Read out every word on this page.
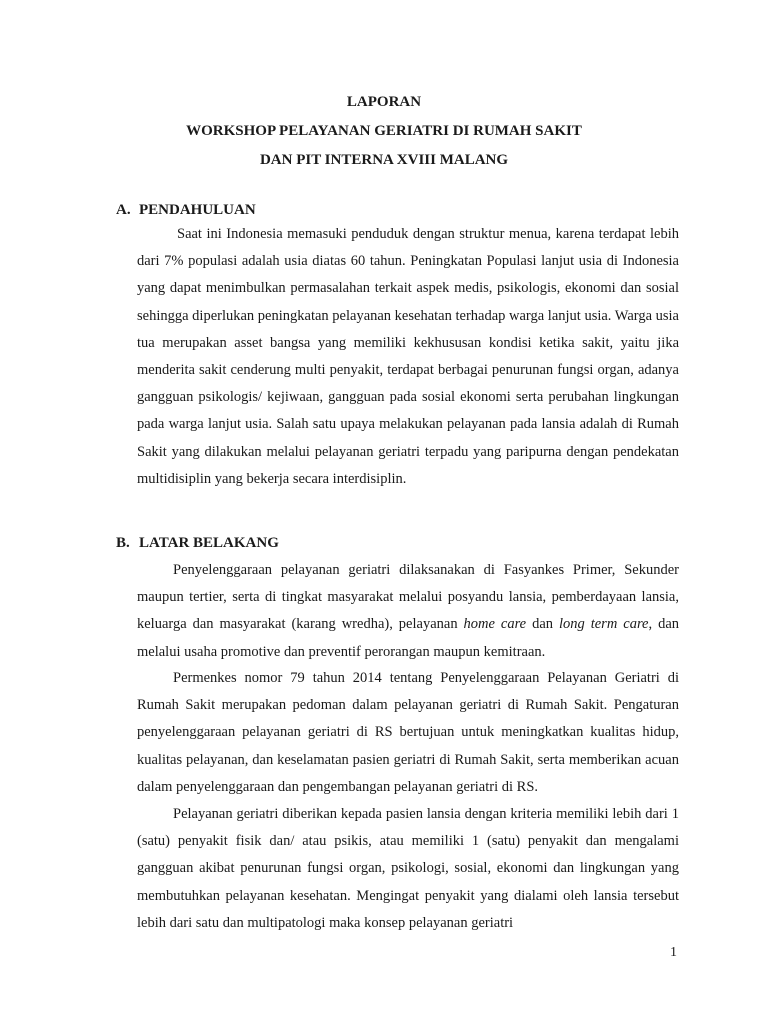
LAPORAN
WORKSHOP PELAYANAN GERIATRI DI RUMAH SAKIT
DAN PIT INTERNA XVIII MALANG
A. PENDAHULUAN

Saat ini Indonesia memasuki penduduk dengan struktur menua, karena terdapat lebih dari 7% populasi adalah usia diatas 60 tahun. Peningkatan Populasi lanjut usia di Indonesia yang dapat menimbulkan permasalahan terkait aspek medis, psikologis, ekonomi dan sosial sehingga diperlukan peningkatan pelayanan kesehatan terhadap warga lanjut usia. Warga usia tua merupakan asset bangsa yang memiliki kekhususan kondisi ketika sakit, yaitu jika menderita sakit cenderung multi penyakit, terdapat berbagai penurunan fungsi organ, adanya gangguan psikologis/ kejiwaan, gangguan pada sosial ekonomi serta perubahan lingkungan pada warga lanjut usia. Salah satu upaya melakukan pelayanan pada lansia adalah di Rumah Sakit yang dilakukan melalui pelayanan geriatri terpadu yang paripurna dengan pendekatan multidisiplin yang bekerja secara interdisiplin.

B. LATAR BELAKANG

Penyelenggaraan pelayanan geriatri dilaksanakan di Fasyankes Primer, Sekunder maupun tertier, serta di tingkat masyarakat melalui posyandu lansia, pemberdayaan lansia, keluarga dan masyarakat (karang wredha), pelayanan home care dan long term care, dan melalui usaha promotive dan preventif perorangan maupun kemitraan.

Permenkes nomor 79 tahun 2014 tentang Penyelenggaraan Pelayanan Geriatri di Rumah Sakit merupakan pedoman dalam pelayanan geriatri di Rumah Sakit. Pengaturan penyelenggaraan pelayanan geriatri di RS bertujuan untuk meningkatkan kualitas hidup, kualitas pelayanan, dan keselamatan pasien geriatri di Rumah Sakit, serta memberikan acuan dalam penyelenggaraan dan pengembangan pelayanan geriatri di RS.

Pelayanan geriatri diberikan kepada pasien lansia dengan kriteria memiliki lebih dari 1 (satu) penyakit fisik dan/ atau psikis, atau memiliki 1 (satu) penyakit dan mengalami gangguan akibat penurunan fungsi organ, psikologi, sosial, ekonomi dan lingkungan yang membutuhkan pelayanan kesehatan. Mengingat penyakit yang dialami oleh lansia tersebut lebih dari satu dan multipatologi maka konsep pelayanan geriatri

1
